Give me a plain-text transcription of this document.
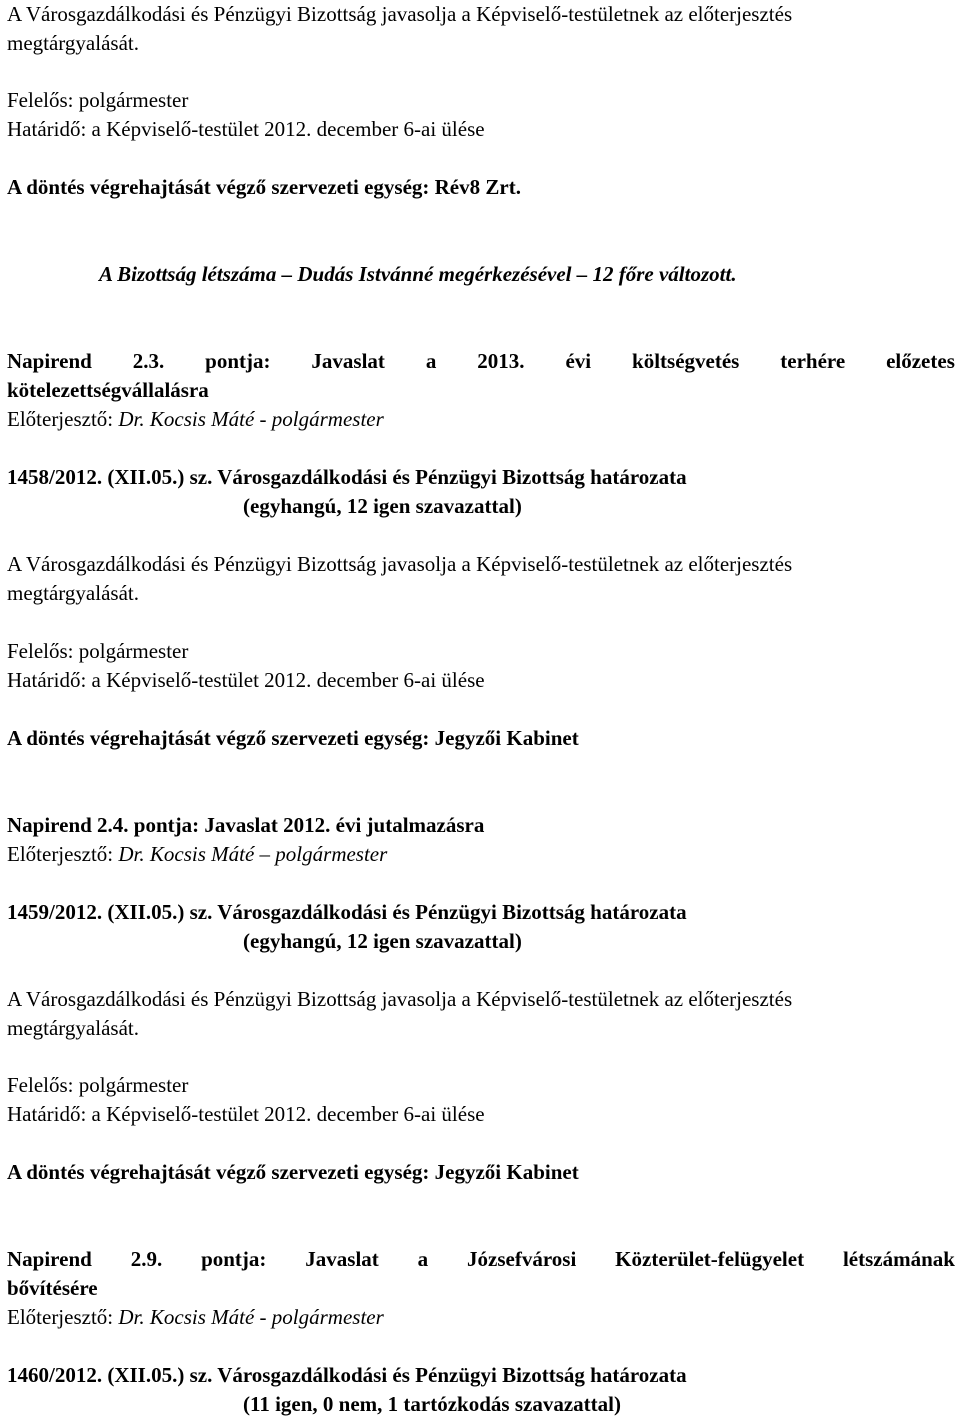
A Városgazdálkodási és Pénzügyi Bizottság javasolja a Képviselő-testületnek az előterjesztés
megtárgyalását.
Felelős: polgármester
Határidő: a Képviselő-testület 2012. december 6-ai ülése
A döntés végrehajtását végző szervezeti egység: Rév8 Zrt.
A Bizottság létszáma – Dudás Istvánné megérkezésével – 12 főre változott.
Napirend 2.3. pontja: Javaslat a 2013. évi költségvetés terhére előzetes
kötelezettségvállalásra
Előterjesztő: Dr. Kocsis Máté - polgármester
1458/2012. (XII.05.) sz. Városgazdálkodási és Pénzügyi Bizottság határozata
(egyhangú, 12 igen szavazattal)
A Városgazdálkodási és Pénzügyi Bizottság javasolja a Képviselő-testületnek az előterjesztés
megtárgyalását.
Felelős: polgármester
Határidő: a Képviselő-testület 2012. december 6-ai ülése
A döntés végrehajtását végző szervezeti egység: Jegyzői Kabinet
Napirend 2.4. pontja: Javaslat 2012. évi jutalmazásra
Előterjesztő: Dr. Kocsis Máté – polgármester
1459/2012. (XII.05.) sz. Városgazdálkodási és Pénzügyi Bizottság határozata
(egyhangú, 12 igen szavazattal)
A Városgazdálkodási és Pénzügyi Bizottság javasolja a Képviselő-testületnek az előterjesztés
megtárgyalását.
Felelős: polgármester
Határidő: a Képviselő-testület 2012. december 6-ai ülése
A döntés végrehajtását végző szervezeti egység: Jegyzői Kabinet
Napirend 2.9. pontja: Javaslat a Józsefvárosi Közterület-felügyelet létszámának
bővítésére
Előterjesztő: Dr. Kocsis Máté - polgármester
1460/2012. (XII.05.) sz. Városgazdálkodási és Pénzügyi Bizottság határozata
(11 igen, 0 nem, 1 tartózkodás szavazattal)
